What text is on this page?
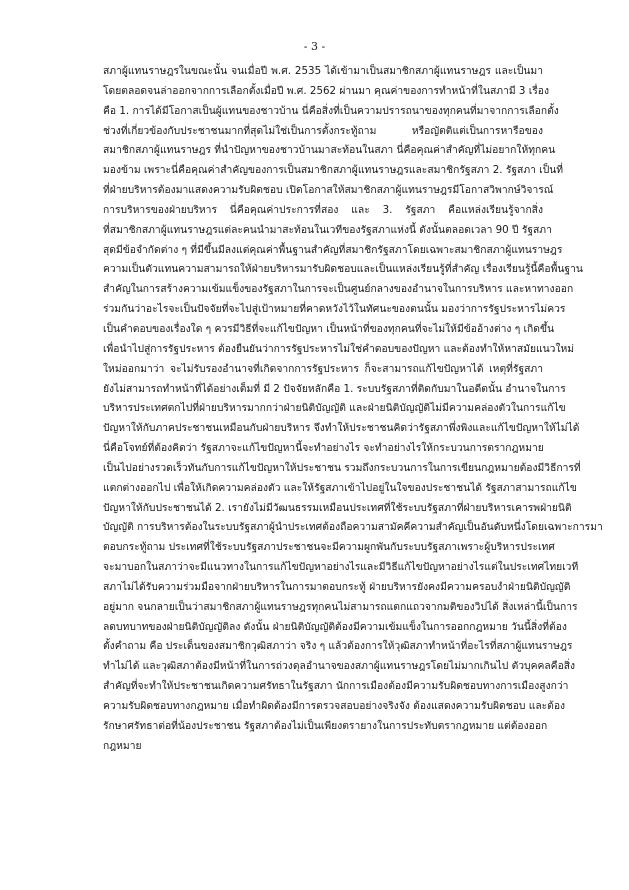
- 3 -
สภาผู้แทนราษฎรในขณะนั้น จนเมื่อปี พ.ศ. 2535 ได้เข้ามาเป็นสมาชิกสภาผู้แทนราษฎร และเป็นมา
โดยตลอดจนล่าออกจากการเลือกตั้งเมื่อปี พ.ศ. 2562 ผ่านมา คุณค่าของการทำหน้าที่ในสภามี 3 เรื่อง
คือ 1. การได้มีโอกาสเป็นผู้แทนของชาวบ้าน นี่คือสิ่งที่เป็นความปรารถนาของทุกคนที่มาจากการเลือกตั้ง
ช่วงที่เกี่ยวข้องกับประชาชนมากที่สุดไม่ใช่เป็นการตั้งกระทู้ถาม หรือญัตติแต่เป็นการหารือของ
สมาชิกสภาผู้แทนราษฎร ที่นำปัญหาของชาวบ้านมาสะท้อนในสภา นี่คือคุณค่าสำคัญที่ไม่อยากให้ทุกคน
มองข้าม เพราะนี่คือคุณค่าสำคัญของการเป็นสมาชิกสภาผู้แทนราษฎรและสมาชิกรัฐสภา 2. รัฐสภา เป็นที่
ที่ฝ่ายบริหารต้องมาแสดงความรับผิดชอบ เปิดโอกาสให้สมาชิกสภาผู้แทนราษฎรมีโอกาสวิพากษ์วิจารณ์
การบริหารของฝ่ายบริหาร นี่คือคุณค่าประการที่สอง และ 3. รัฐสภา คือแหล่งเรียนรู้จากสิ่ง
ที่สมาชิกสภาผู้แทนราษฎรแต่ละคนนำมาสะท้อนในเวทีของรัฐสภาแห่งนี้ ดังนั้นตลอดเวลา 90 ปี รัฐสภา
สุดมีข้อจำกัดต่าง ๆ ที่มีขึ้นมีลงแต่คุณค่าพื้นฐานสำคัญที่สมาชิกรัฐสภาโดยเฉพาะสมาชิกสภาผู้แทนราษฎร
ความเป็นตัวแทนความสามารถให้ฝ่ายบริหารมารับผิดชอบและเป็นแหล่งเรียนรู้ที่สำคัญ เรื่องเรียนรู้นี้คือพื้นฐาน
สำคัญในการสร้างความเข้มแข็งของรัฐสภาในการจะเป็นศูนย์กลางของอำนาจในการบริหาร และหาทางออก
ร่วมกันว่าอะไรจะเป็นปัจจัยที่จะไปสู่เป้าหมายที่คาดหวังไว้ในทัศนะของตนนั้น มองว่าการรัฐประหารไม่ควร
เป็นคำตอบของเรื่องใด ๆ ควรมีวิธีที่จะแก้ไขปัญหา เป็นหน้าที่ของทุกคนที่จะไม่ให้มีข้ออ้างต่าง ๆ เกิดขึ้น
เพื่อนำไปสู่การรัฐประหาร ต้องยืนยันว่าการรัฐประหารไม่ใช่คำตอบของปัญหา และต้องทำให้หาสมัยแนวใหม่
ใหม่ออกมาว่า จะไม่รับรองอำนาจที่เกิดจากการรัฐประหาร ก็จะสามารถแก้ไขปัญหาได้ เหตุที่รัฐสภา
ยังไม่สามารถทำหน้าที่ได้อย่างเต็มที่ มี 2 ปัจจัยหลักคือ 1. ระบบรัฐสภาที่ติดกับมาในอดีตนั้น อำนาจในการ
บริหารประเทศตกไปที่ฝ่ายบริหารมากกว่าฝ่ายนิติบัญญัติ และฝ่ายนิติบัญญัติไม่มีความคล่องตัวในการแก้ไข
ปัญหาให้กับภาคประชาชนเหมือนกับฝ่ายบริหาร จึงทำให้ประชาชนคิดว่ารัฐสภาพึ่งพิงและแก้ไขปัญหาให้ไม่ได้
นี่คือโจทย์ที่ต้องคิดว่า รัฐสภาจะแก้ไขปัญหานี้จะทำอย่างไร จะทำอย่างไรให้กระบวนการตรากฎหมาย
เป็นไปอย่างรวดเร็วทันกับการแก้ไขปัญหาให้ประชาชน รวมถึงกระบวนการในการเขียนกฎหมายต้องมีวิธีการที่
แตกต่างออกไป เพื่อให้เกิดความคล่องตัว และให้รัฐสภาเข้าไปอยู่ในใจของประชาชนได้ รัฐสภาสามารถแก้ไข
ปัญหาให้กับประชาชนได้ 2. เรายังไม่มีวัฒนธรรมเหมือนประเทศที่ใช้ระบบรัฐสภาที่ฝ่ายบริหารเคารพฝ่ายนิติ
บัญญัติ การบริหารต้องในระบบรัฐสภาผู้นำประเทศต้องถือความสามัคคีความสำคัญเป็นอันดับหนึ่งโดยเฉพาะการมา
ตอบกระทู้ถาม ประเทศที่ใช้ระบบรัฐสภาประชาชนจะมีความผูกพันกับระบบรัฐสภาเพราะผู้บริหารประเทศ
จะมาบอกในสภาว่าจะมีแนวทางในการแก้ไขปัญหาอย่างไรและมีวิธีแก้ไขปัญหาอย่างไรแต่ในประเทศไทยเวที
สภาไม่ได้รับความร่วมมือจากฝ่ายบริหารในการมาตอบกระทู้ ฝ่ายบริหารยังคงมีความครอบงำฝ่ายนิติบัญญัติ
อยู่มาก จนกลายเป็นว่าสมาชิกสภาผู้แทนราษฎรทุกคนไม่สามารถแตกแถวจากมติของวิปได้ สิ่งเหล่านี้เป็นการ
ลดบทบาทของฝ่ายนิติบัญญัติลง ดังนั้น ฝ่ายนิติบัญญัติต้องมีความเข้มแข็งในการออกกฎหมาย วันนี้สิ่งที่ต้อง
ตั้งคำถาม คือ ประเด็นของสมาชิกวุฒิสภาว่า จริง ๆ แล้วต้องการให้วุฒิสภาทำหน้าที่อะไรที่สภาผู้แทนราษฎร
ทำไม่ได้ และวุฒิสภาต้องมีหน้าที่ในการถ่วงดุลอำนาจของสภาผู้แทนราษฎรโดยไม่มากเกินไป ตัวบุคคลคือสิ่ง
สำคัญที่จะทำให้ประชาชนเกิดความศรัทธาในรัฐสภา นักการเมืองต้องมีความรับผิดชอบทางการเมืองสูงกว่า
ความรับผิดชอบทางกฎหมาย เมื่อทำผิดต้องมีการตรวจสอบอย่างจริงจัง ต้องแสดงความรับผิดชอบ และต้อง
รักษาศรัทธาต่อที่น้องประชาชน รัฐสภาต้องไม่เป็นเพียงตรายางในการประทับตรากฎหมาย แต่ต้องออก
กฎหมาย
